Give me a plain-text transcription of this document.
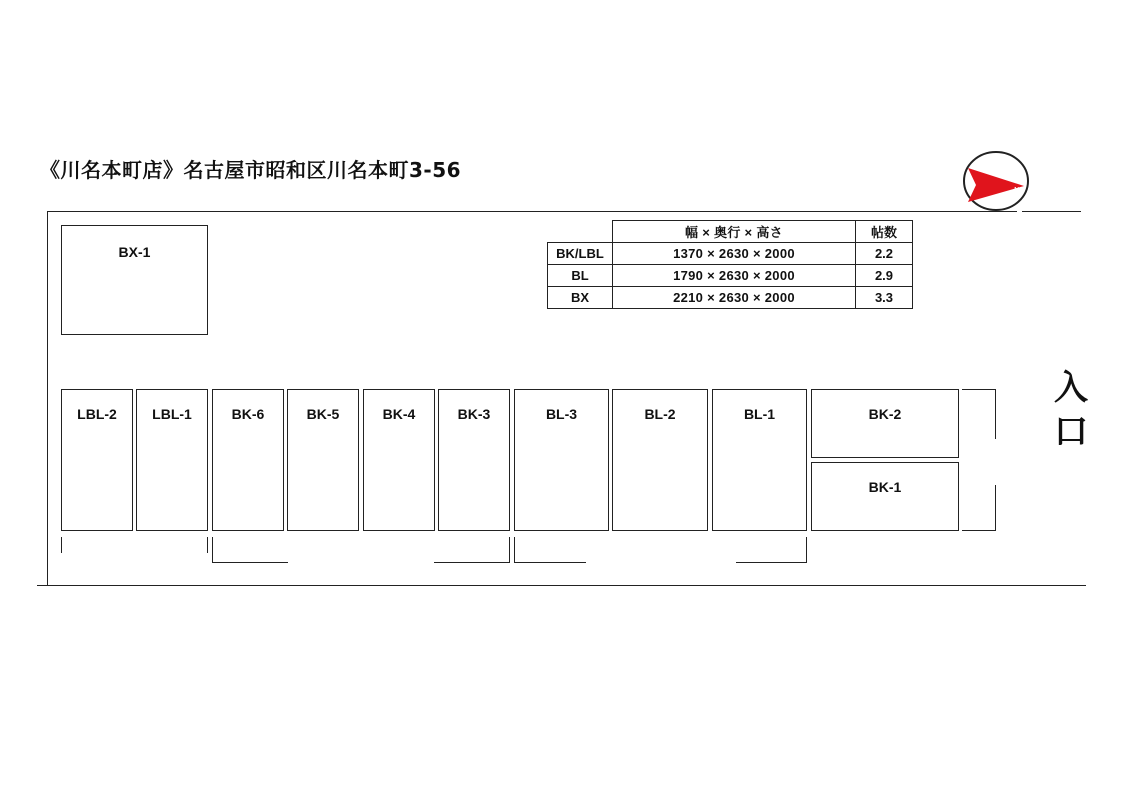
《川名本町店》名古屋市昭和区川名本町3-56
N
	幅 × 奥行 × 高さ	帖数
BK/LBL	1370 × 2630 × 2000	2.2
BL	1790 × 2630 × 2000	2.9
BX	2210 × 2630 × 2000	3.3
BX-1
LBL-2	LBL-1	BK-6	BK-5	BK-4	BK-3	BL-3	BL-2	BL-1	BK-2
BK-1
入口
